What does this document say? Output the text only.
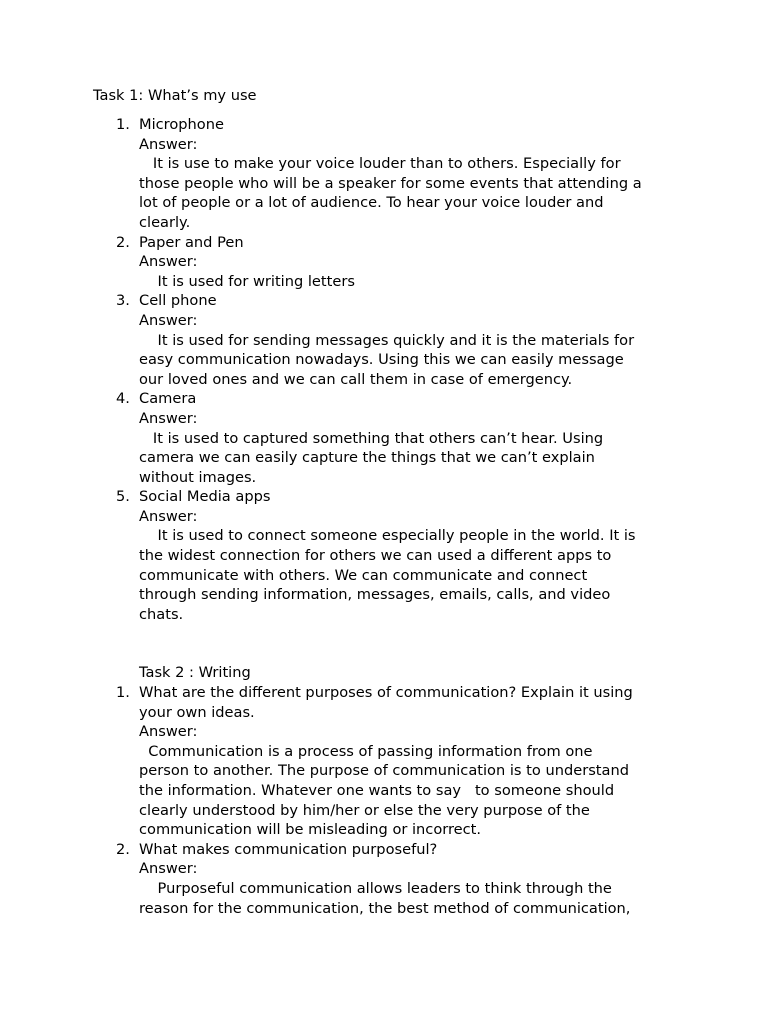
Task 1: What’s my use
1. Microphone
Answer:
It is use to make your voice louder than to others. Especially for
those people who will be a speaker for some events that attending a
lot of people or a lot of audience. To hear your voice louder and
clearly.
2. Paper and Pen
Answer:
It is used for writing letters
3. Cell phone
Answer:
It is used for sending messages quickly and it is the materials for
easy communication nowadays. Using this we can easily message
our loved ones and we can call them in case of emergency.
4. Camera
Answer:
It is used to captured something that others can’t hear. Using
camera we can easily capture the things that we can’t explain
without images.
5. Social Media apps
Answer:
It is used to connect someone especially people in the world. It is
the widest connection for others we can used a different apps to
communicate with others. We can communicate and connect
through sending information, messages, emails, calls, and video
chats.
Task 2 : Writing
1. What are the different purposes of communication? Explain it using
your own ideas.
Answer:
Communication is a process of passing information from one
person to another. The purpose of communication is to understand
the information. Whatever one wants to say   to someone should
clearly understood by him/her or else the very purpose of the
communication will be misleading or incorrect.
2. What makes communication purposeful?
Answer:
Purposeful communication allows leaders to think through the
reason for the communication, the best method of communication,
